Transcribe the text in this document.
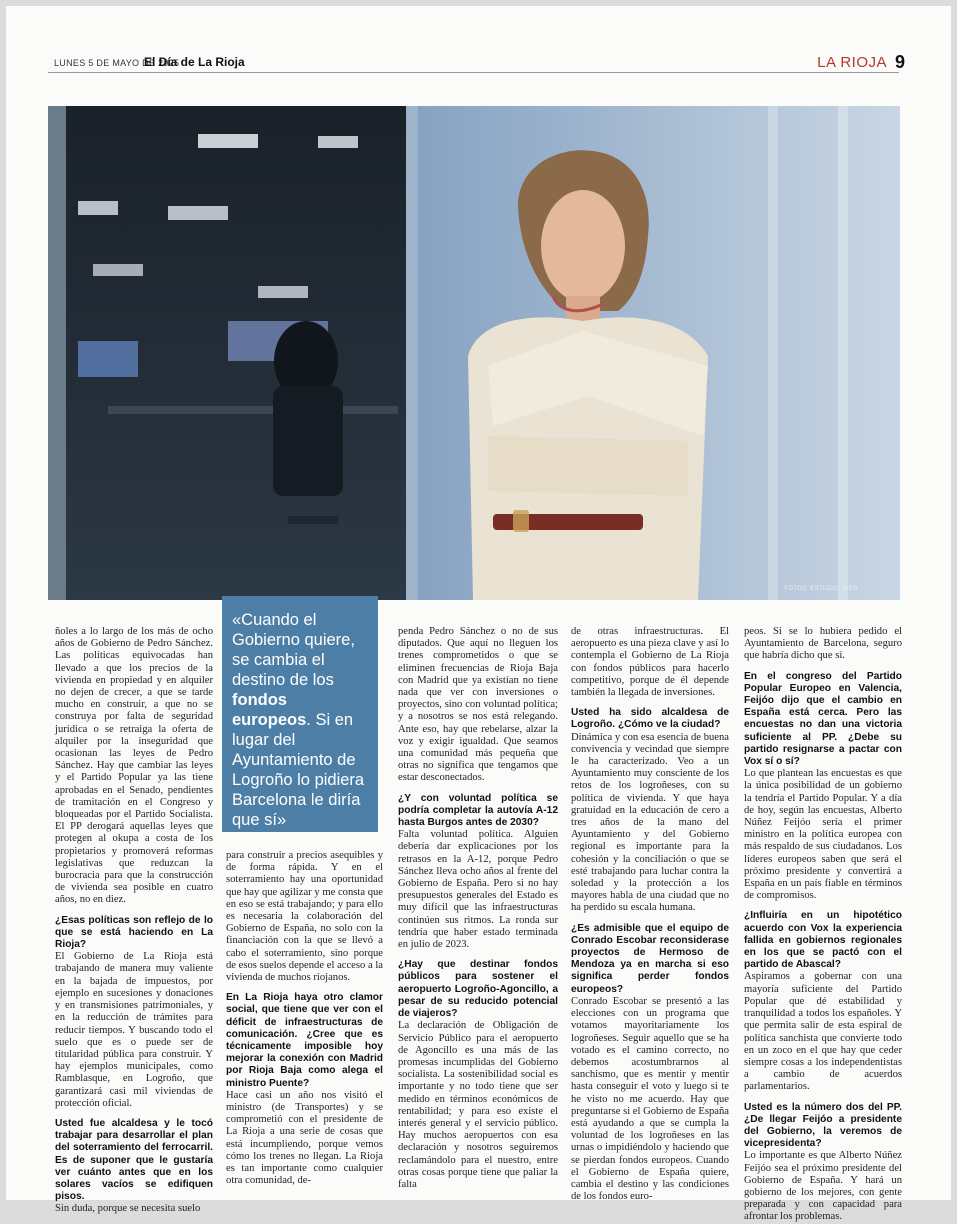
LUNES 5 DE MAYO DE 2025
El Día de La Rioja	LA RIOJA 9
FOTOS: ESTUDIO JPEG
«Cuando el Gobierno quiere, se cambia el destino de los fondos europeos. Si en lugar del Ayuntamiento de Logroño lo pidiera Barcelona le diría que sí»

ñoles a lo largo de los más de ocho años de Gobierno de Pedro Sánchez. Las políticas equivocadas han llevado a que los precios de la vivienda en propiedad y en alquiler no dejen de crecer, a que se tarde mucho en construir, a que no se construya por falta de seguridad jurídica o se retraiga la oferta de alquiler por la inseguridad que ocasionan las leyes de Pedro Sánchez. Hay que cambiar las leyes y el Partido Popular ya las tiene aprobadas en el Senado, pendientes de tramitación en el Congreso y bloqueadas por el Partido Socialista. El PP derogará aquellas leyes que protegen al okupa a costa de los propietarios y promoverá reformas legislativas que reduzcan la burocracia para que la construcción de vivienda sea posible en cuatro años, no en diez.

¿Esas políticas son reflejo de lo que se está haciendo en La Rioja?

El Gobierno de La Rioja está trabajando de manera muy valiente en la bajada de impuestos, por ejemplo en sucesiones y donaciones y en transmisiones patrimoniales, y en la reducción de trámites para reducir tiempos. Y buscando todo el suelo que es o puede ser de titularidad pública para construir. Y hay ejemplos municipales, como Ramblasque, en Logroño, que garantizará casi mil viviendas de protección oficial.

Usted fue alcaldesa y le tocó trabajar para desarrollar el plan del soterramiento del ferrocarril. Es de suponer que le gustaría ver cuánto antes que en los solares vacíos se edifiquen pisos.

Sin duda, porque se necesita suelo

para construir a precios asequibles y de forma rápida. Y en el soterramiento hay una oportunidad que hay que agilizar y me consta que en eso se está trabajando; y para ello es necesaria la colaboración del Gobierno de España, no solo con la financiación con la que se llevó a cabo el soterramiento, sino porque de esos suelos depende el acceso a la vivienda de muchos riojanos.

En La Rioja haya otro clamor social, que tiene que ver con el déficit de infraestructuras de comunicación. ¿Cree que es técnicamente imposible hoy mejorar la conexión con Madrid por Rioja Baja como alega el ministro Puente?

Hace casi un año nos visitó el ministro (de Transportes) y se comprometió con el presidente de La Rioja a una serie de cosas que está incumpliendo, porque vemos cómo los trenes no llegan. La Rioja es tan importante como cualquier otra comunidad, de-

penda Pedro Sánchez o no de sus diputados. Que aquí no lleguen los trenes comprometidos o que se eliminen frecuencias de Rioja Baja con Madrid que ya existían no tiene nada que ver con inversiones o proyectos, sino con voluntad política; y a nosotros se nos está relegando. Ante eso, hay que rebelarse, alzar la voz y exigir igualdad. Que seamos una comunidad más pequeña que otras no significa que tengamos que estar desconectados.

¿Y con voluntad política se podría completar la autovía A-12 hasta Burgos antes de 2030?

Falta voluntad política. Alguien debería dar explicaciones por los retrasos en la A-12, porque Pedro Sánchez lleva ocho años al frente del Gobierno de España. Pero si no hay presupuestos generales del Estado es muy difícil que las infraestructuras continúen sus ritmos. La ronda sur tendría que haber estado terminada en julio de 2023.

¿Hay que destinar fondos públicos para sostener el aeropuerto Logroño-Agoncillo, a pesar de su reducido potencial de viajeros?

La declaración de Obligación de Servicio Público para el aeropuerto de Agoncillo es una más de las promesas incumplidas del Gobierno socialista. La sostenibilidad social es importante y no todo tiene que ser medido en términos económicos de rentabilidad; y para eso existe el interés general y el servicio público. Hay muchos aeropuertos con esa declaración y nosotros seguiremos reclamándolo para el nuestro, entre otras cosas porque tiene que paliar la falta

de otras infraestructuras. El aeropuerto es una pieza clave y así lo contempla el Gobierno de La Rioja con fondos públicos para hacerlo competitivo, porque de él depende también la llegada de inversiones.

Usted ha sido alcaldesa de Logroño. ¿Cómo ve la ciudad?

Dinámica y con esa esencia de buena convivencia y vecindad que siempre le ha caracterizado. Veo a un Ayuntamiento muy consciente de los retos de los logroñeses, con su política de vivienda. Y que haya gratuidad en la educación de cero a tres años de la mano del Ayuntamiento y del Gobierno regional es importante para la cohesión y la conciliación o que se esté trabajando para luchar contra la soledad y la protección a los mayores habla de una ciudad que no ha perdido su escala humana.

¿Es admisible que el equipo de Conrado Escobar reconsiderase proyectos de Hermoso de Mendoza ya en marcha si eso significa perder fondos europeos?

Conrado Escobar se presentó a las elecciones con un programa que votamos mayoritariamente los logroñeses. Seguir aquello que se ha votado es el camino correcto, no debemos acostumbrarnos al sanchismo, que es mentir y mentir hasta conseguir el voto y luego si te he visto no me acuerdo. Hay que preguntarse si el Gobierno de España está ayudando a que se cumpla la voluntad de los logroñeses en las urnas o impidiéndolo y haciendo que se pierdan fondos europeos. Cuando el Gobierno de España quiere, cambia el destino y las condiciones de los fondos euro-

peos. Si se lo hubiera pedido el Ayuntamiento de Barcelona, seguro que habría dicho que sí.

En el congreso del Partido Popular Europeo en Valencia, Feijóo dijo que el cambio en España está cerca. Pero las encuestas no dan una victoria suficiente al PP. ¿Debe su partido resignarse a pactar con Vox sí o sí?

Lo que plantean las encuestas es que la única posibilidad de un gobierno la tendría el Partido Popular. Y a día de hoy, según las encuestas, Alberto Núñez Feijóo sería el primer ministro en la política europea con más respaldo de sus ciudadanos. Los líderes europeos saben que será el próximo presidente y convertirá a España en un país fiable en términos de compromisos.

¿Influiría en un hipotético acuerdo con Vox la experiencia fallida en gobiernos regionales en los que se pactó con el partido de Abascal?

Aspiramos a gobernar con una mayoría suficiente del Partido Popular que dé estabilidad y tranquilidad a todos los españoles. Y que permita salir de esta espiral de política sanchista que convierte todo en un zoco en el que hay que ceder siempre cosas a los independentistas a cambio de acuerdos parlamentarios.

Usted es la número dos del PP. ¿De llegar Feijóo a presidente del Gobierno, la veremos de vicepresidenta?

Lo importante es que Alberto Núñez Feijóo sea el próximo presidente del Gobierno de España. Y hará un gobierno de los mejores, con gente preparada y con capacidad para afrontar los problemas.
